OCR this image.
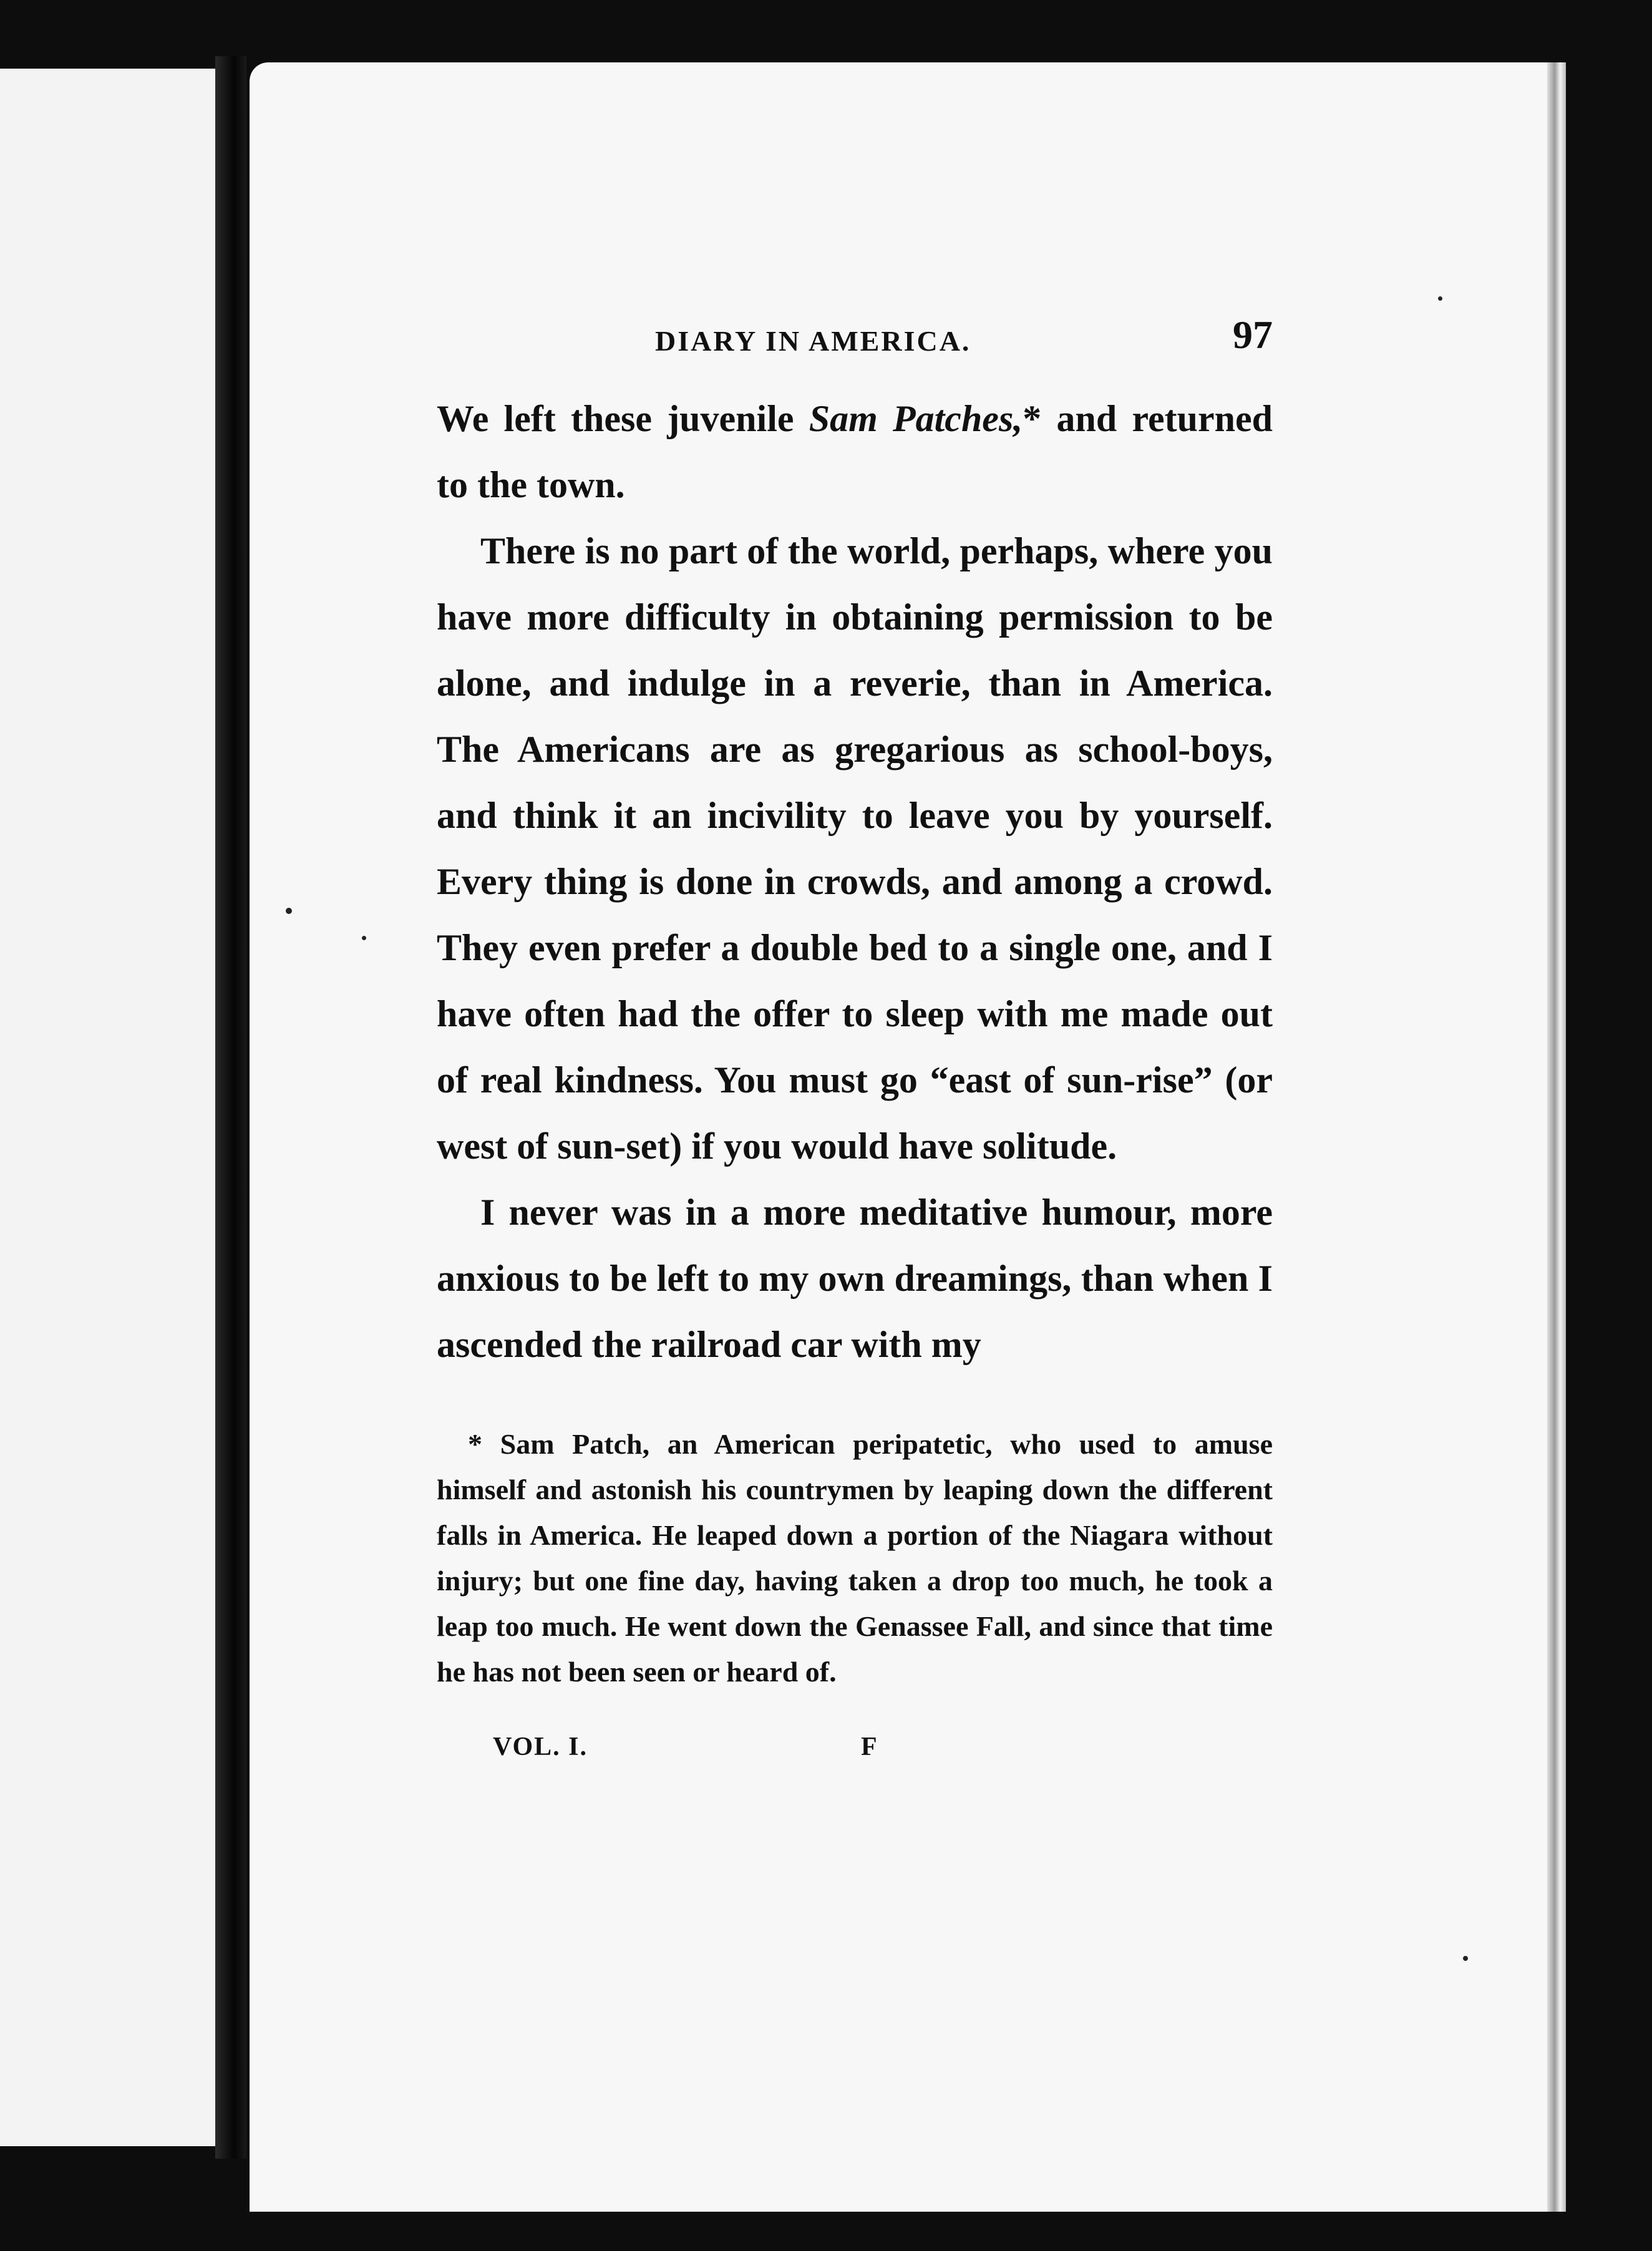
DIARY IN AMERICA.	97

We left these juvenile Sam Patches,* and returned to the town.

There is no part of the world, perhaps, where you have more difficulty in obtaining permission to be alone, and indulge in a reverie, than in America. The Americans are as gregarious as school-boys, and think it an incivility to leave you by yourself. Every thing is done in crowds, and among a crowd. They even prefer a double bed to a single one, and I have often had the offer to sleep with me made out of real kindness. You must go “east of sun-rise” (or west of sun-set) if you would have solitude.

I never was in a more meditative humour, more anxious to be left to my own dreamings, than when I ascended the railroad car with my

* Sam Patch, an American peripatetic, who used to amuse himself and astonish his countrymen by leaping down the different falls in America. He leaped down a portion of the Niagara without injury; but one fine day, having taken a drop too much, he took a leap too much. He went down the Genassee Fall, and since that time he has not been seen or heard of.

VOL. I.	F
